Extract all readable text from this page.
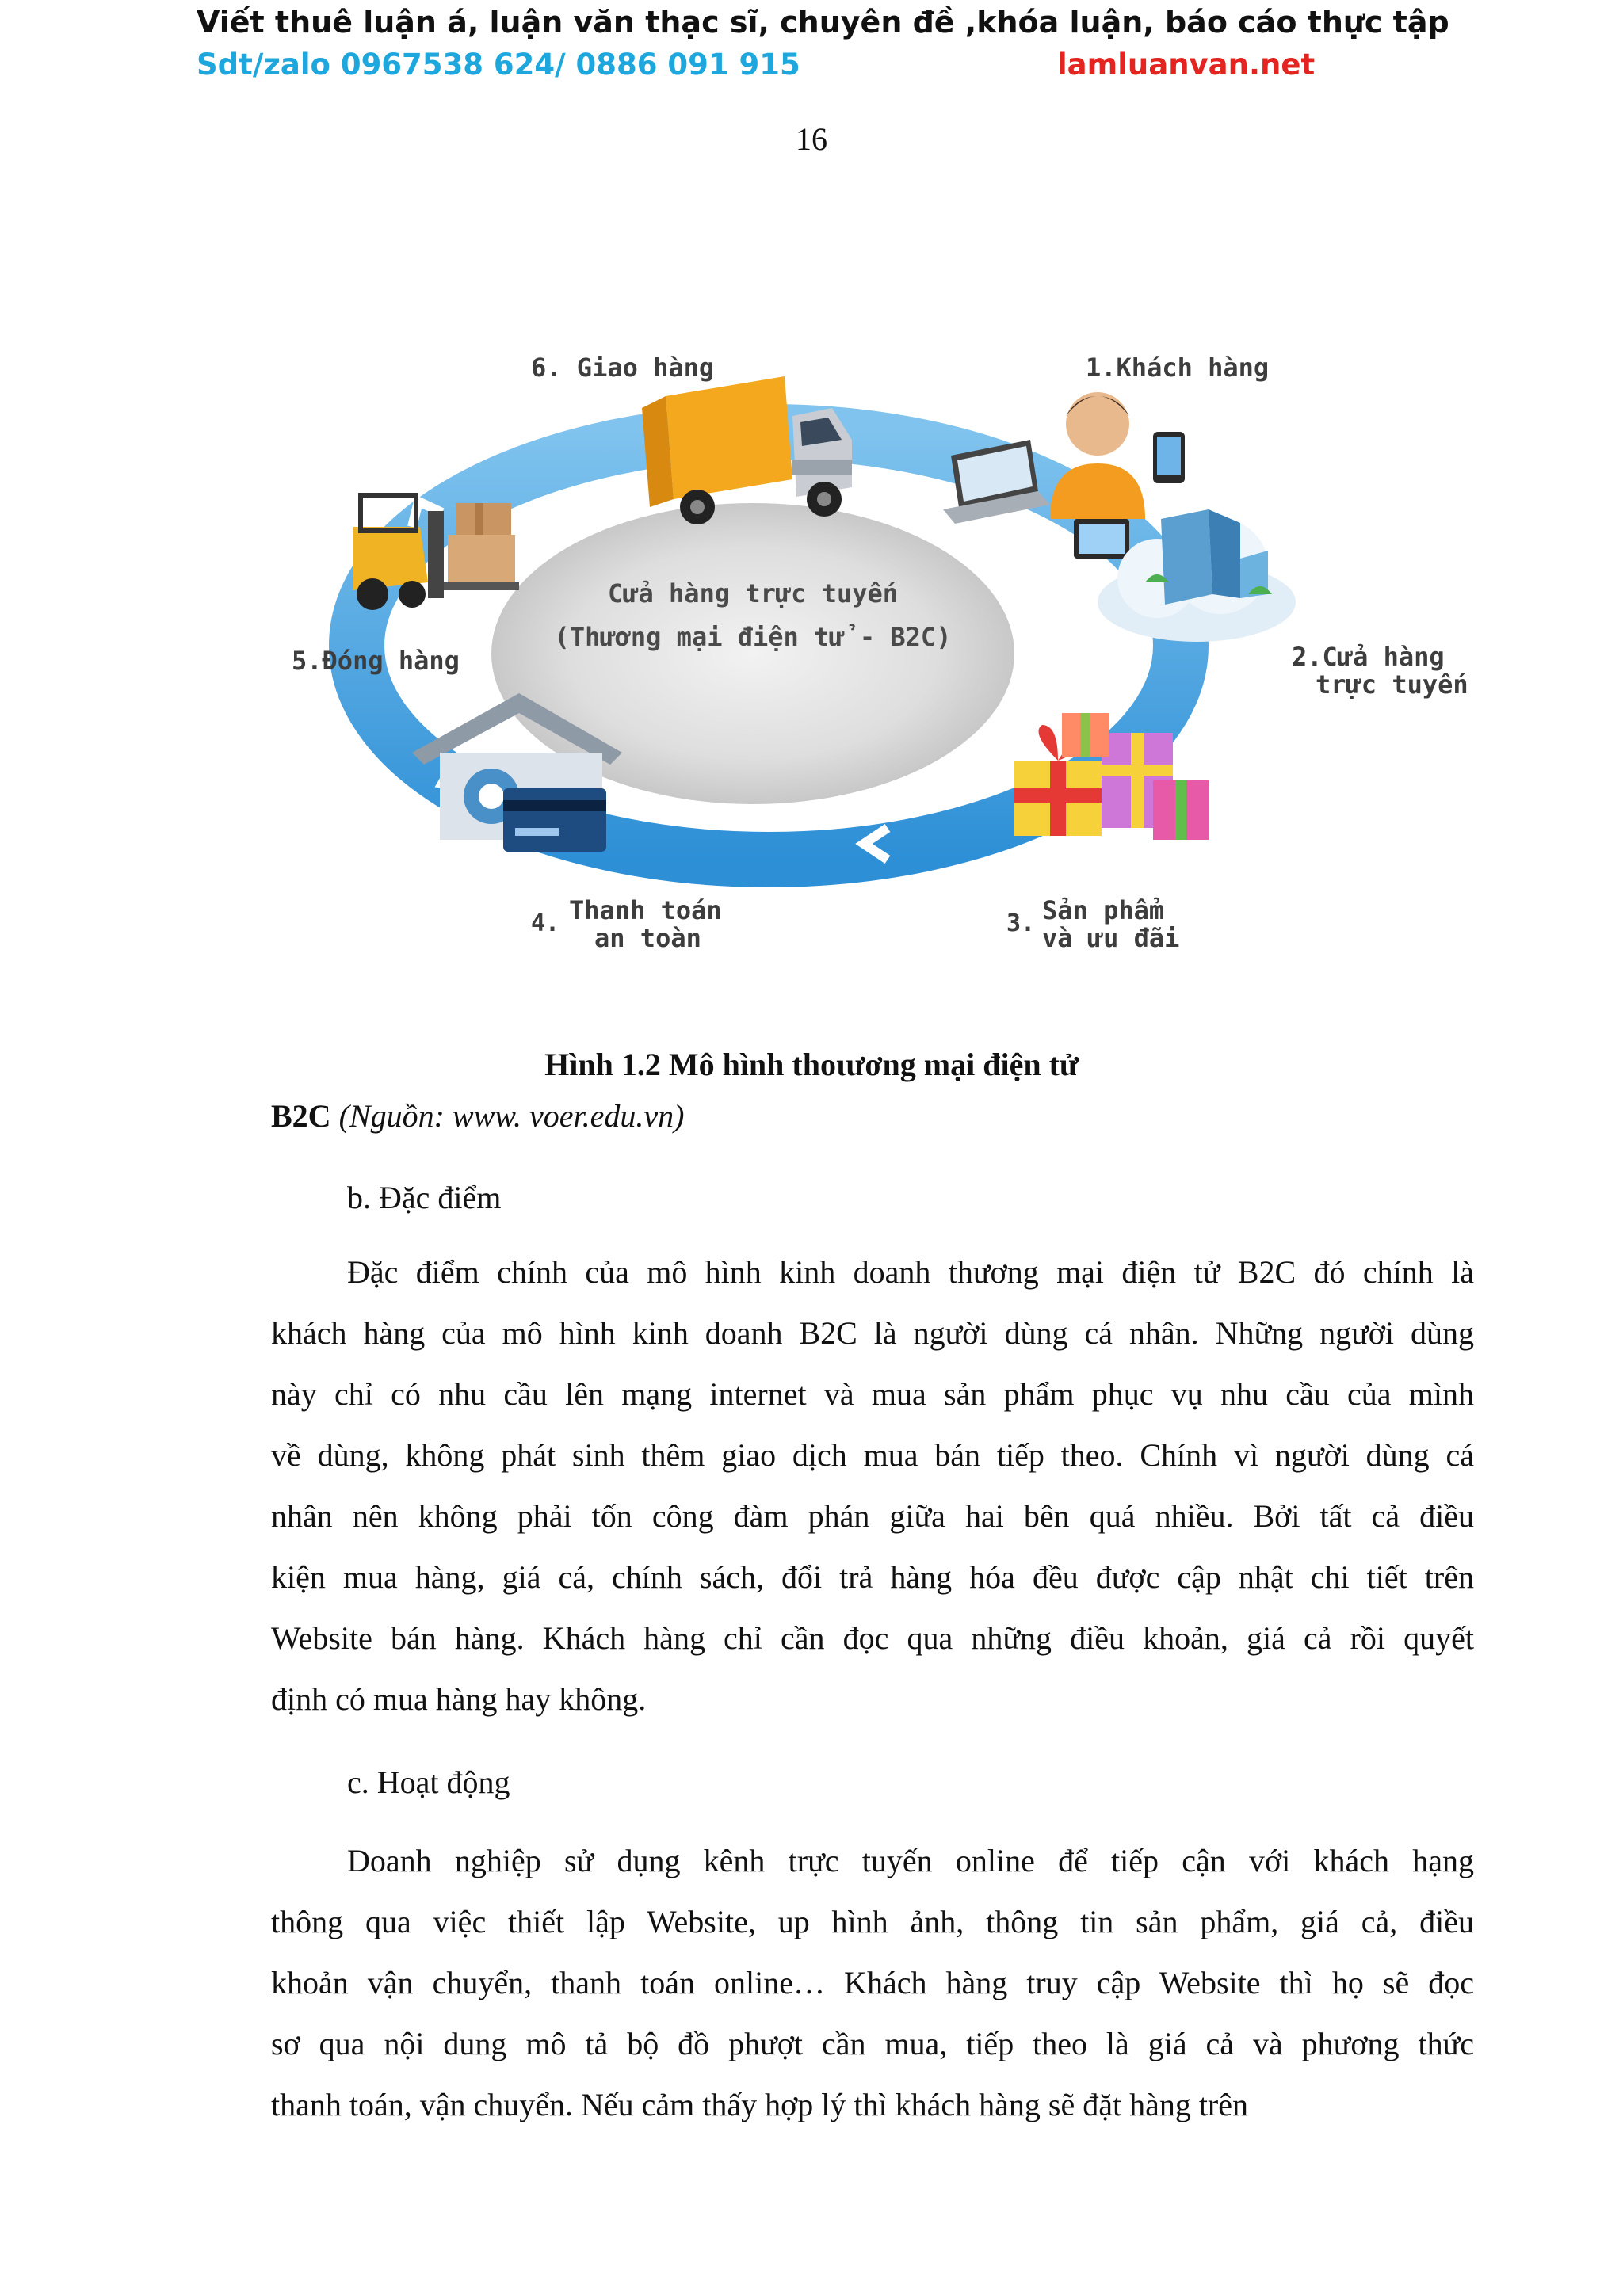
Viết thuê luận á, luận văn thạc sĩ, chuyên đề ,khóa luận, báo cáo thực tập
Sdt/zalo 0967538 624/ 0886 091 915	lamluanvan.net
16
Cửa hàng trực tuyến
(Thương mại điện tử - B2C)
6. Giao hàng	1.Khách hàng
5.Đóng hàng	2.Cửa hàng
trực tuyến
4. Thanh toán
an toàn	3. Sản phẩm
và ưu đãi
Hình 1.2 Mô hình thoιương mại điện tử
B2C (Nguồn: www. voer.edu.vn)
b. Đặc điểm
Đặc điểm chính của mô hình kinh doanh thương mại điện tử B2C đó chính là
khách hàng của mô hình kinh doanh B2C là người dùng cá nhân. Những người dùng
này chỉ có nhu cầu lên mạng internet và mua sản phẩm phục vụ nhu cầu của mình
về dùng, không phát sinh thêm giao dịch mua bán tiếp theo. Chính vì người dùng cá
nhân nên không phải tốn công đàm phán giữa hai bên quá nhiều. Bởi tất cả điều
kiện mua hàng, giá cá, chính sách, đổi trả hàng hóa đều được cập nhật chi tiết trên
Website bán hàng. Khách hàng chỉ cần đọc qua những điều khoản, giá cả rồi quyết
định có mua hàng hay không.
c. Hoạt động
Doanh nghiệp sử dụng kênh trực tuyến online để tiếp cận với khách hạng
thông qua việc thiết lập Website, up hình ảnh, thông tin sản phẩm, giá cả, điều
khoản vận chuyển, thanh toán online… Khách hàng truy cập Website thì họ sẽ đọc
sơ qua nội dung mô tả bộ đồ phượt cần mua, tiếp theo là giá cả và phương thức
thanh toán, vận chuyển. Nếu cảm thấy hợp lý thì khách hàng sẽ đặt hàng trên
